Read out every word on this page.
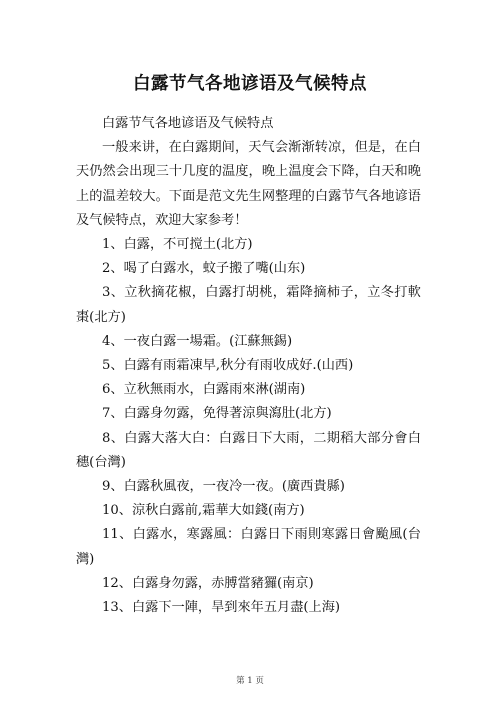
白露节气各地谚语及气候特点

白露节气各地谚语及气候特点

一般来讲，在白露期间，天气会渐渐转凉，但是，在白天仍然会出现三十几度的温度，晚上温度会下降，白天和晚上的温差较大。下面是范文先生网整理的白露节气各地谚语及气候特点，欢迎大家参考！

1、白露，不可搅土(北方)

2、喝了白露水，蚊子搬了嘴(山东)

3、立秋摘花椒，白露打胡桃，霜降摘柿子，立冬打軟棗(北方)

4、一夜白露一場霜。(江蘇無錫)

5、白露有雨霜凍早,秋分有雨收成好.(山西)

6、立秋無雨水，白露雨來淋(湖南)

7、白露身勿露，免得著涼與瀉肚(北方)

8、白露大落大白：白露日下大雨，二期稻大部分會白穗(台灣)

9、白露秋風夜，一夜冷一夜。(廣西貴縣)

10、涼秋白露前,霜華大如錢(南方)

11、白露水，寒露風：白露日下雨則寒露日會颱風(台灣)

12、白露身勿露，赤膊當豬玀(南京)

13、白露下一陣，旱到來年五月盡(上海)

第 1 页
